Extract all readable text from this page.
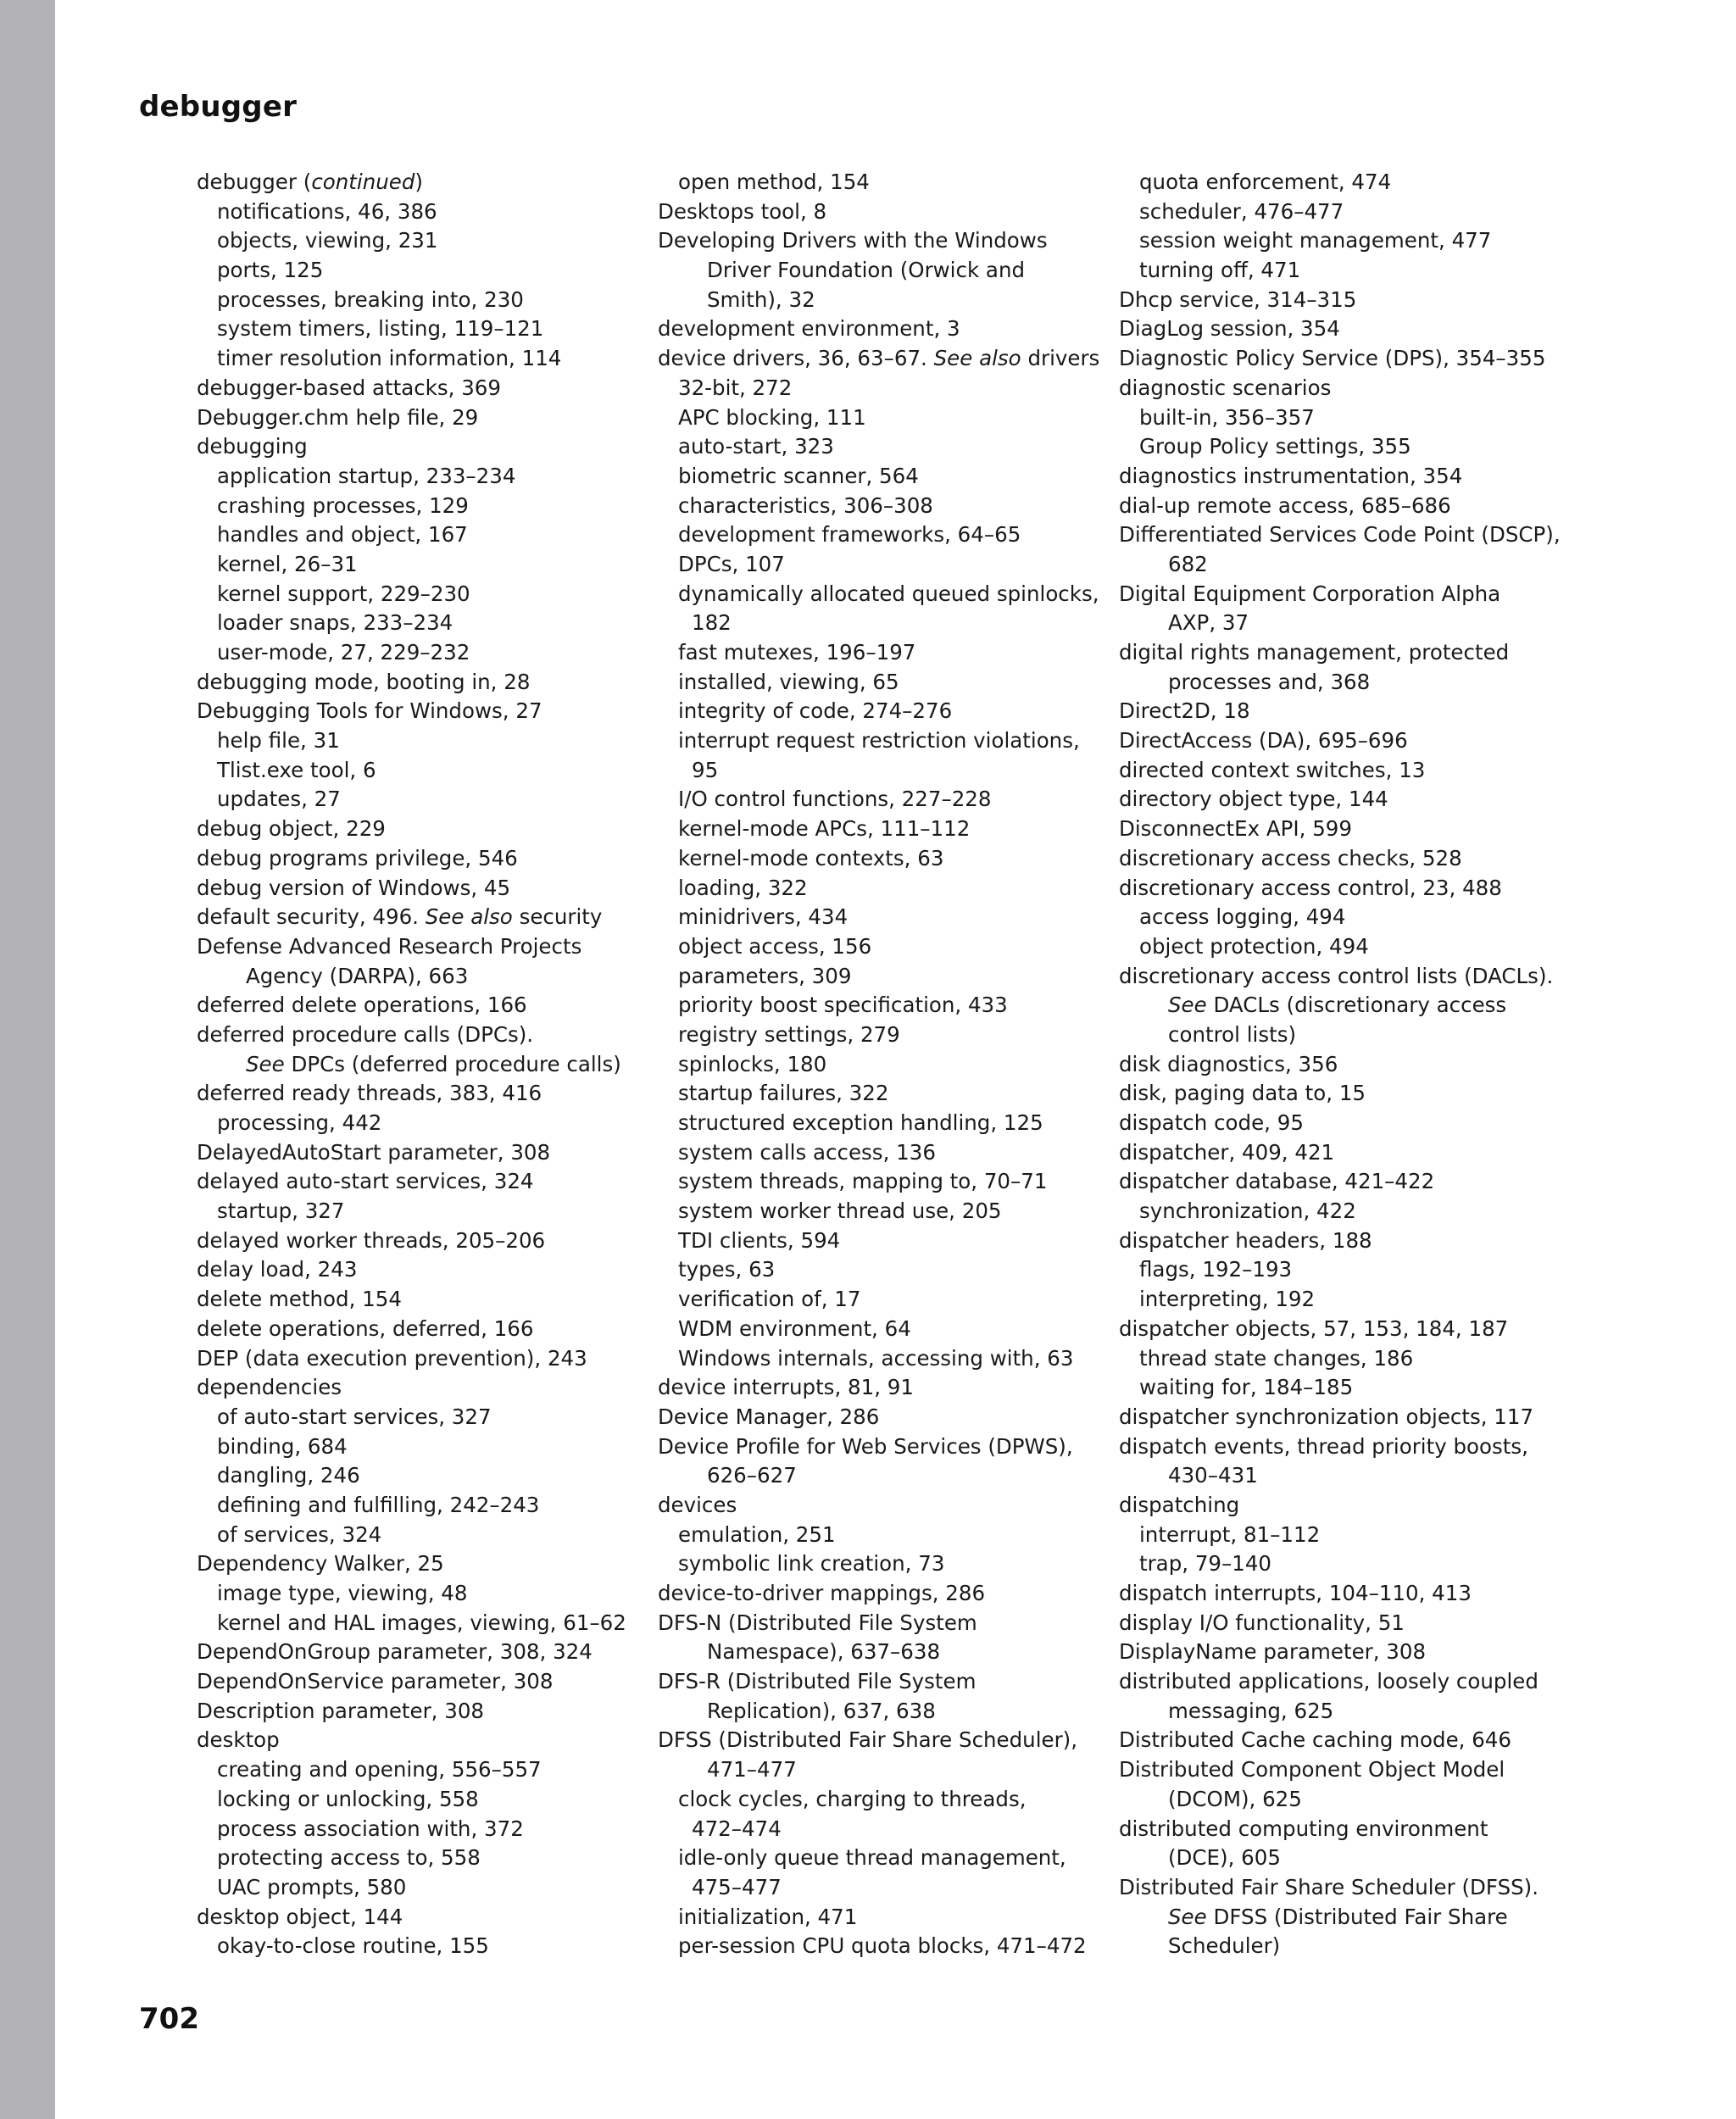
debugger
debugger (continued)
notifications, 46, 386
objects, viewing, 231
ports, 125
processes, breaking into, 230
system timers, listing, 119–121
timer resolution information, 114
debugger-based attacks, 369
Debugger.chm help file, 29
debugging
application startup, 233–234
crashing processes, 129
handles and object, 167
kernel, 26–31
kernel support, 229–230
loader snaps, 233–234
user-mode, 27, 229–232
debugging mode, booting in, 28
Debugging Tools for Windows, 27
help file, 31
Tlist.exe tool, 6
updates, 27
debug object, 229
debug programs privilege, 546
debug version of Windows, 45
default security, 496. See also security
Defense Advanced Research Projects
Agency (DARPA), 663
deferred delete operations, 166
deferred procedure calls (DPCs).
See DPCs (deferred procedure calls)
deferred ready threads, 383, 416
processing, 442
DelayedAutoStart parameter, 308
delayed auto-start services, 324
startup, 327
delayed worker threads, 205–206
delay load, 243
delete method, 154
delete operations, deferred, 166
DEP (data execution prevention), 243
dependencies
of auto-start services, 327
binding, 684
dangling, 246
defining and fulfilling, 242–243
of services, 324
Dependency Walker, 25
image type, viewing, 48
kernel and HAL images, viewing, 61–62
DependOnGroup parameter, 308, 324
DependOnService parameter, 308
Description parameter, 308
desktop
creating and opening, 556–557
locking or unlocking, 558
process association with, 372
protecting access to, 558
UAC prompts, 580
desktop object, 144
okay-to-close routine, 155
open method, 154
Desktops tool, 8
Developing Drivers with the Windows
Driver Foundation (Orwick and
Smith), 32
development environment, 3
device drivers, 36, 63–67. See also drivers
32-bit, 272
APC blocking, 111
auto-start, 323
biometric scanner, 564
characteristics, 306–308
development frameworks, 64–65
DPCs, 107
dynamically allocated queued spinlocks,
182
fast mutexes, 196–197
installed, viewing, 65
integrity of code, 274–276
interrupt request restriction violations,
95
I/O control functions, 227–228
kernel-mode APCs, 111–112
kernel-mode contexts, 63
loading, 322
minidrivers, 434
object access, 156
parameters, 309
priority boost specification, 433
registry settings, 279
spinlocks, 180
startup failures, 322
structured exception handling, 125
system calls access, 136
system threads, mapping to, 70–71
system worker thread use, 205
TDI clients, 594
types, 63
verification of, 17
WDM environment, 64
Windows internals, accessing with, 63
device interrupts, 81, 91
Device Manager, 286
Device Profile for Web Services (DPWS),
626–627
devices
emulation, 251
symbolic link creation, 73
device-to-driver mappings, 286
DFS-N (Distributed File System
Namespace), 637–638
DFS-R (Distributed File System
Replication), 637, 638
DFSS (Distributed Fair Share Scheduler),
471–477
clock cycles, charging to threads,
472–474
idle-only queue thread management,
475–477
initialization, 471
per-session CPU quota blocks, 471–472
quota enforcement, 474
scheduler, 476–477
session weight management, 477
turning off, 471
Dhcp service, 314–315
DiagLog session, 354
Diagnostic Policy Service (DPS), 354–355
diagnostic scenarios
built-in, 356–357
Group Policy settings, 355
diagnostics instrumentation, 354
dial-up remote access, 685–686
Differentiated Services Code Point (DSCP),
682
Digital Equipment Corporation Alpha
AXP, 37
digital rights management, protected
processes and, 368
Direct2D, 18
DirectAccess (DA), 695–696
directed context switches, 13
directory object type, 144
DisconnectEx API, 599
discretionary access checks, 528
discretionary access control, 23, 488
access logging, 494
object protection, 494
discretionary access control lists (DACLs).
See DACLs (discretionary access
control lists)
disk diagnostics, 356
disk, paging data to, 15
dispatch code, 95
dispatcher, 409, 421
dispatcher database, 421–422
synchronization, 422
dispatcher headers, 188
flags, 192–193
interpreting, 192
dispatcher objects, 57, 153, 184, 187
thread state changes, 186
waiting for, 184–185
dispatcher synchronization objects, 117
dispatch events, thread priority boosts,
430–431
dispatching
interrupt, 81–112
trap, 79–140
dispatch interrupts, 104–110, 413
display I/O functionality, 51
DisplayName parameter, 308
distributed applications, loosely coupled
messaging, 625
Distributed Cache caching mode, 646
Distributed Component Object Model
(DCOM), 625
distributed computing environment
(DCE), 605
Distributed Fair Share Scheduler (DFSS).
See DFSS (Distributed Fair Share
Scheduler)
702
